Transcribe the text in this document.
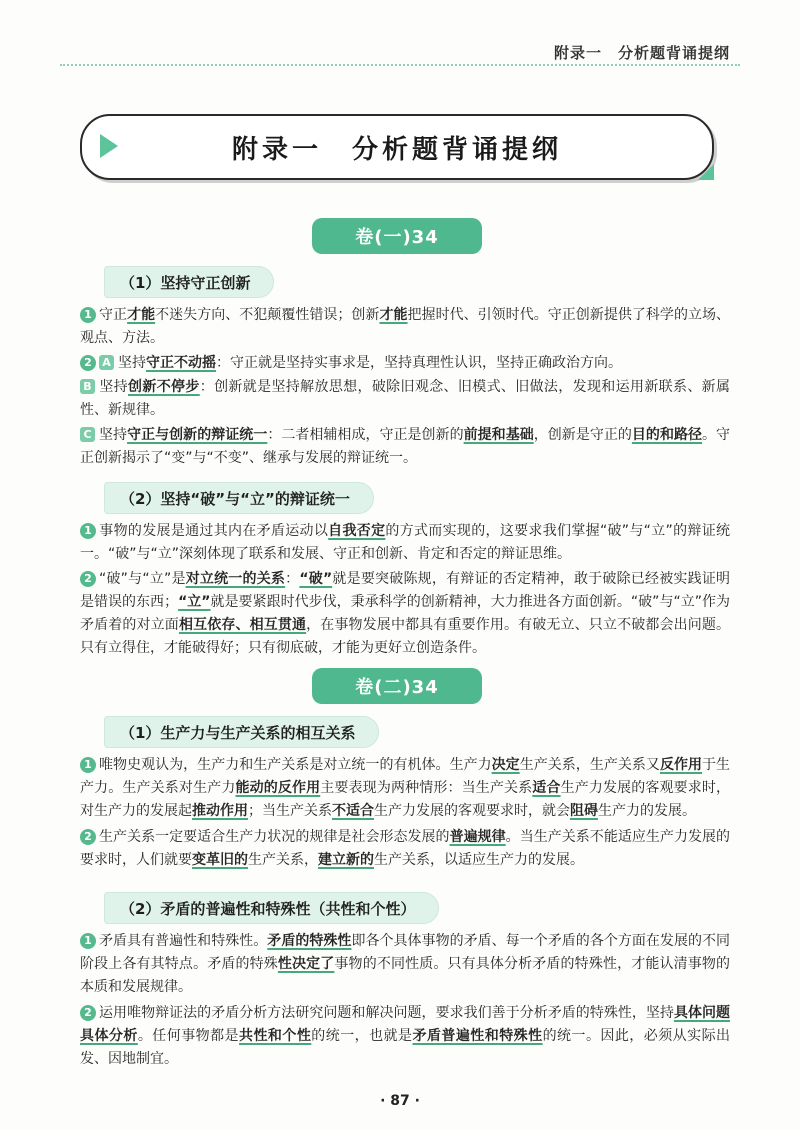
附录一　分析题背诵提纲
附录一　分析题背诵提纲
卷(一)34
（1）坚持守正创新
1 守正才能不迷失方向、不犯颠覆性错误；创新才能把握时代、引领时代。守正创新提供了科学的立场、观点、方法。
2 A 坚持守正不动摇：守正就是坚持实事求是，坚持真理性认识，坚持正确政治方向。
B 坚持创新不停步：创新就是坚持解放思想，破除旧观念、旧模式、旧做法，发现和运用新联系、新属性、新规律。
C 坚持守正与创新的辩证统一：二者相辅相成，守正是创新的前提和基础，创新是守正的目的和路径。守正创新揭示了“变”与“不变”、继承与发展的辩证统一。
（2）坚持“破”与“立”的辩证统一
1 事物的发展是通过其内在矛盾运动以自我否定的方式而实现的，这要求我们掌握“破”与“立”的辩证统一。“破”与“立”深刻体现了联系和发展、守正和创新、肯定和否定的辩证思维。
2 “破”与“立”是对立统一的关系：“破”就是要突破陈规，有辩证的否定精神，敢于破除已经被实践证明是错误的东西；“立”就是要紧跟时代步伐，秉承科学的创新精神，大力推进各方面创新。“破”与“立”作为矛盾着的对立面相互依存、相互贯通，在事物发展中都具有重要作用。有破无立、只立不破都会出问题。只有立得住，才能破得好；只有彻底破，才能为更好立创造条件。
卷(二)34
（1）生产力与生产关系的相互关系
1 唯物史观认为，生产力和生产关系是对立统一的有机体。生产力决定生产关系，生产关系又反作用于生产力。生产关系对生产力能动的反作用主要表现为两种情形：当生产关系适合生产力发展的客观要求时，对生产力的发展起推动作用；当生产关系不适合生产力发展的客观要求时，就会阻碍生产力的发展。
2 生产关系一定要适合生产力状况的规律是社会形态发展的普遍规律。当生产关系不能适应生产力发展的要求时，人们就要变革旧的生产关系，建立新的生产关系，以适应生产力的发展。
（2）矛盾的普遍性和特殊性（共性和个性）
1 矛盾具有普遍性和特殊性。矛盾的特殊性即各个具体事物的矛盾、每一个矛盾的各个方面在发展的不同阶段上各有其特点。矛盾的特殊性决定了事物的不同性质。只有具体分析矛盾的特殊性，才能认清事物的本质和发展规律。
2 运用唯物辩证法的矛盾分析方法研究问题和解决问题，要求我们善于分析矛盾的特殊性，坚持具体问题具体分析。任何事物都是共性和个性的统一，也就是矛盾普遍性和特殊性的统一。因此，必须从实际出发、因地制宜。
· 87 ·
